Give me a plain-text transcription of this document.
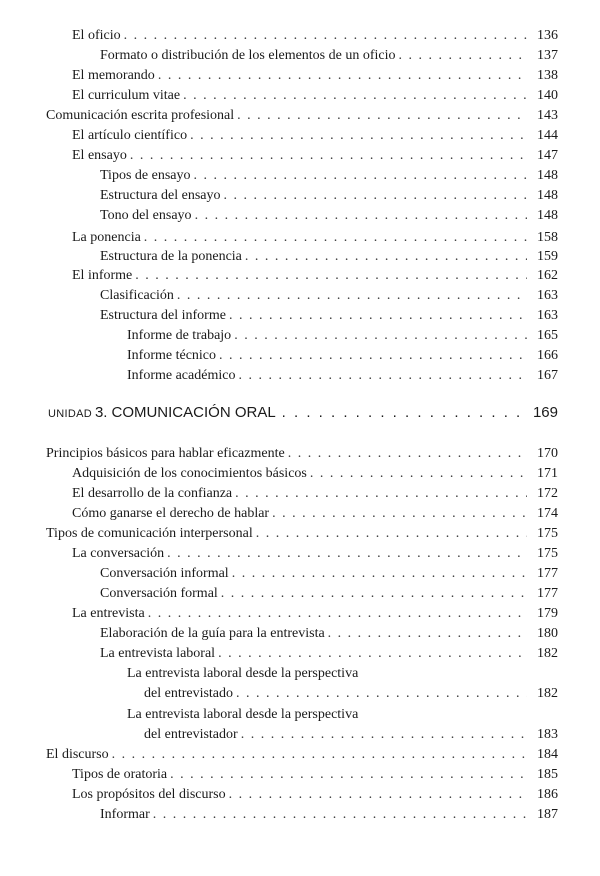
El oficio . . .	136
Formato o distribución de los elementos de un oficio . . .	137
El memorando . . .	138
El curriculum vitae . . .	140
Comunicación escrita profesional . . .	143
El artículo científico . . .	144
El ensayo . . .	147
Tipos de ensayo . . .	148
Estructura del ensayo . . .	148
Tono del ensayo . . .	148
La ponencia . . .	158
Estructura de la ponencia . . .	159
El informe . . .	162
Clasificación . . .	163
Estructura del informe . . .	163
Informe de trabajo . . .	165
Informe técnico . . .	166
Informe académico . . .	167
UNIDAD 3. COMUNICACIÓN ORAL . . .	169
Principios básicos para hablar eficazmente . . .	170
Adquisición de los conocimientos básicos . . .	171
El desarrollo de la confianza . . .	172
Cómo ganarse el derecho de hablar . . .	174
Tipos de comunicación interpersonal . . .	175
La conversación . . .	175
Conversación informal . . .	177
Conversación formal . . .	177
La entrevista . . .	179
Elaboración de la guía para la entrevista . . .	180
La entrevista laboral . . .	182
La entrevista laboral desde la perspectiva
del entrevistado . . .	182
La entrevista laboral desde la perspectiva
del entrevistador . . .	183
El discurso . . .	184
Tipos de oratoria . . .	185
Los propósitos del discurso . . .	186
Informar . . .	187
